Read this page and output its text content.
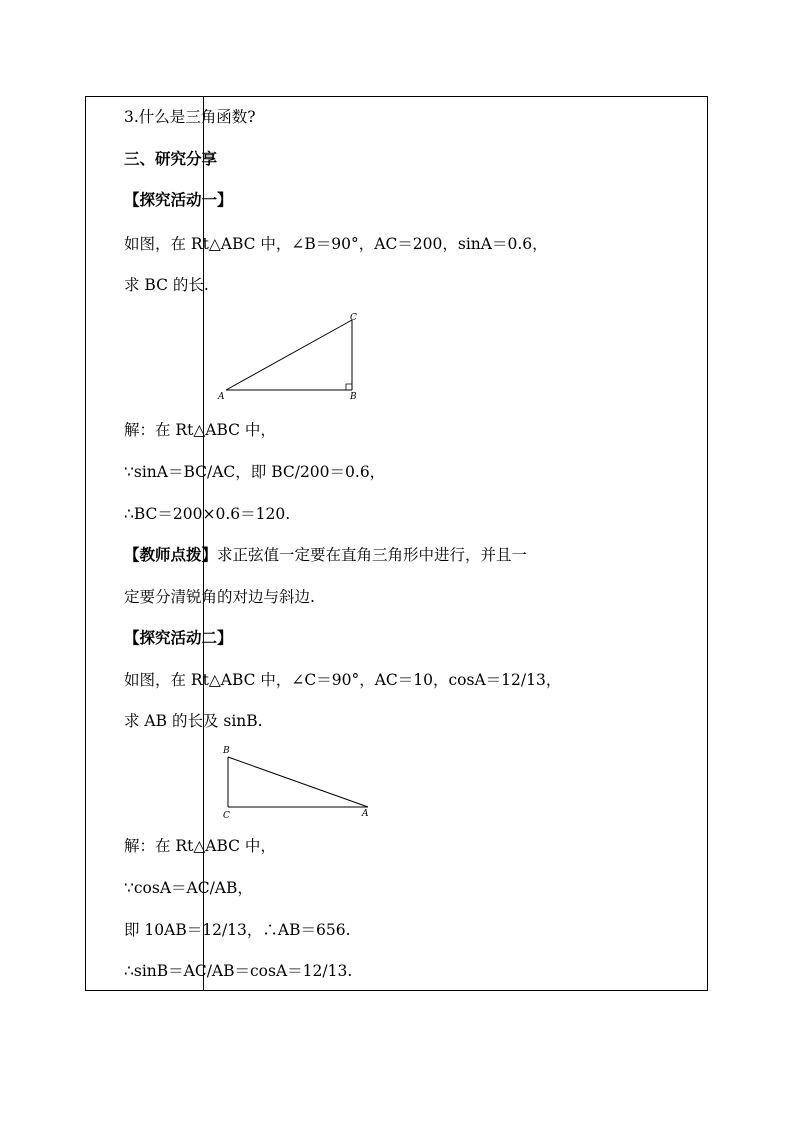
3.什么是三角函数?
三、研究分享
【探究活动一】
如图，在 Rt△ABC 中，∠B＝90°，AC＝200，sinA＝0.6，
求 BC 的长.
A	B
C
解：在 Rt△ABC 中，
∵sinA＝BC/AC，即 BC/200＝0.6，
∴BC＝200×0.6＝120.
【教师点拨】求正弦值一定要在直角三角形中进行，并且一
定要分清锐角的对边与斜边.
【探究活动二】
如图，在 Rt△ABC 中，∠C＝90°，AC＝10，cosA＝12/13，
求 AB 的长及 sinB.
B
C	A
解：在 Rt△ABC 中，
∵cosA＝AC/AB，
即 10AB＝12/13，∴AB＝656.
∴sinB＝AC/AB＝cosA＝12/13.
